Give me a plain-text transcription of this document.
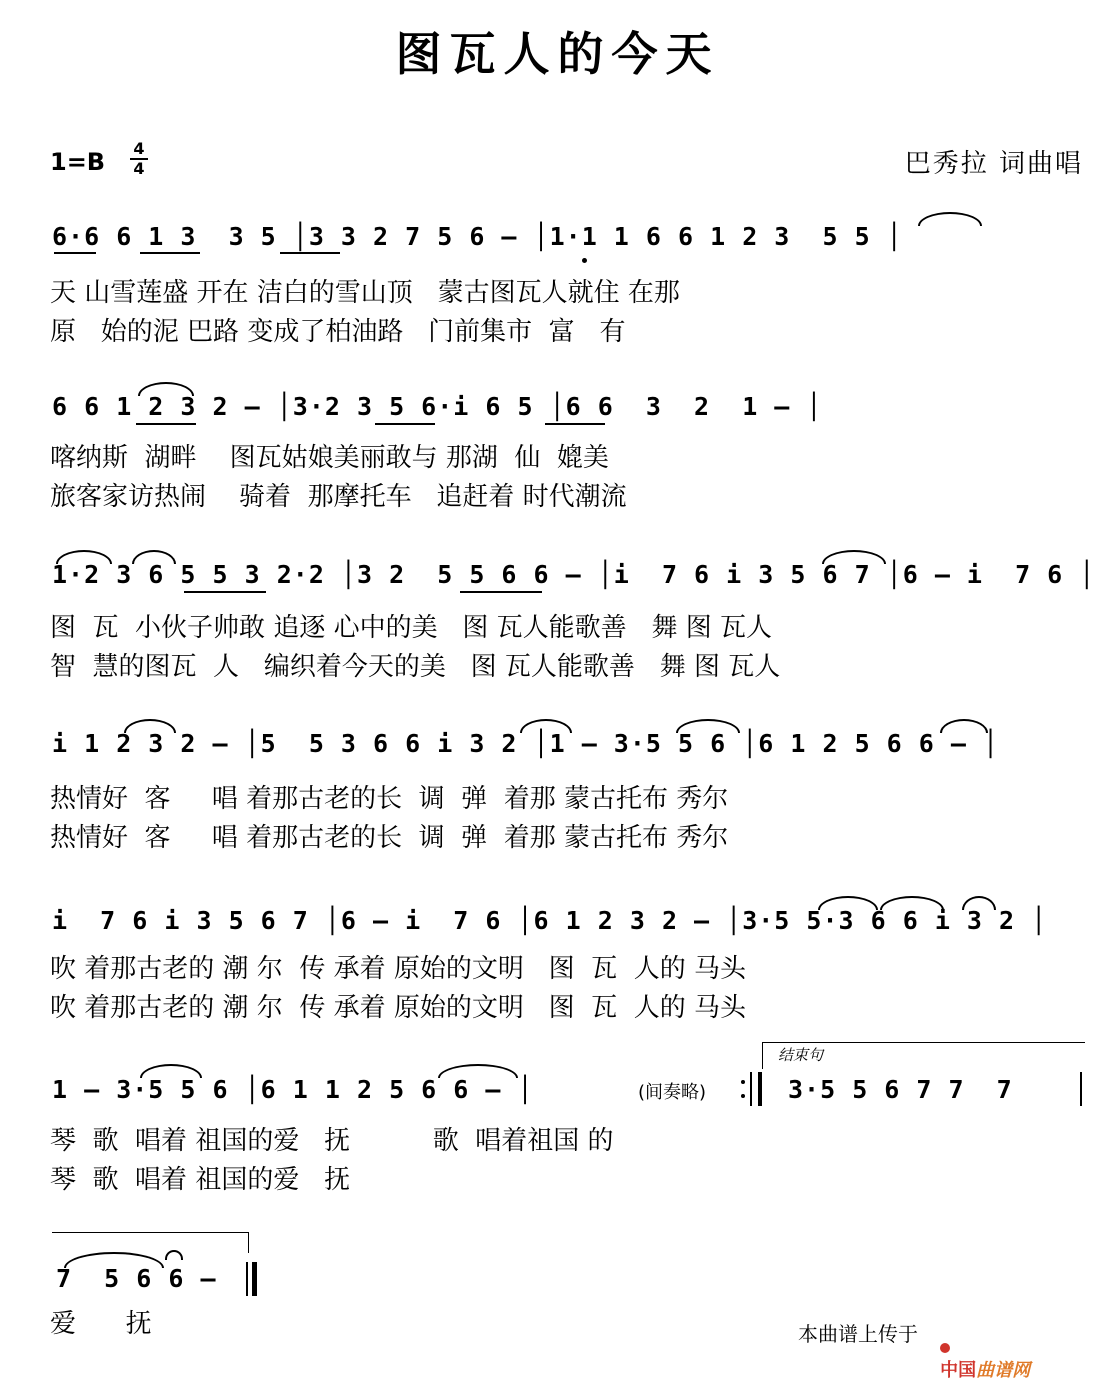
图瓦人的今天
1=B	4
4	巴秀拉 词曲唱
6·6 6 1 3  3 5 │3 3 2 7 5 6 – │1·1 1 6 6 1 2 3  5 5 │
天 山雪莲盛 开在 洁白的雪山顶   蒙古图瓦人就住 在那
原   始的泥 巴路 变成了柏油路   门前集市  富   有
6 6 1 2 3 2 – │3·2 3 5 6·i 6 5 │6 6  3  2  1 – │
喀纳斯  湖畔    图瓦姑娘美丽敢与 那湖  仙  媲美
旅客家访热闹    骑着  那摩托车   追赶着 时代潮流
1·2 3 6 5 5 3 2·2 │3 2  5 5 6 6 – │i  7 6 i 3 5 6 7 │6 – i  7 6 │
图  瓦  小伙子帅敢 追逐 心中的美   图 瓦人能歌善   舞 图 瓦人
智  慧的图瓦  人   编织着今天的美   图 瓦人能歌善   舞 图 瓦人
i 1 2 3 2 – │5  5 3 6 6 i 3 2 │1 – 3·5 5 6 │6 1 2 5 6 6 – │
热情好  客     唱 着那古老的长  调  弹  着那 蒙古托布 秀尔
热情好  客     唱 着那古老的长  调  弹  着那 蒙古托布 秀尔
i  7 6 i 3 5 6 7 │6 – i  7 6 │6 1 2 3 2 – │3·5 5·3 6 6 i 3 2 │
吹 着那古老的 潮 尔  传 承着 原始的文明   图  瓦  人的 马头
吹 着那古老的 潮 尔  传 承着 原始的文明   图  瓦  人的 马头
1 – 3·5 5 6 │6 1 1 2 5 6 6 – │	(间奏略)
结束句
3·5 5 6 7 7  7
琴  歌  唱着 祖国的爱   抚          歌  唱着祖国 的
琴  歌  唱着 祖国的爱   抚
7  5 6 6 –
爱      抚	本曲谱上传于

中国曲谱网
